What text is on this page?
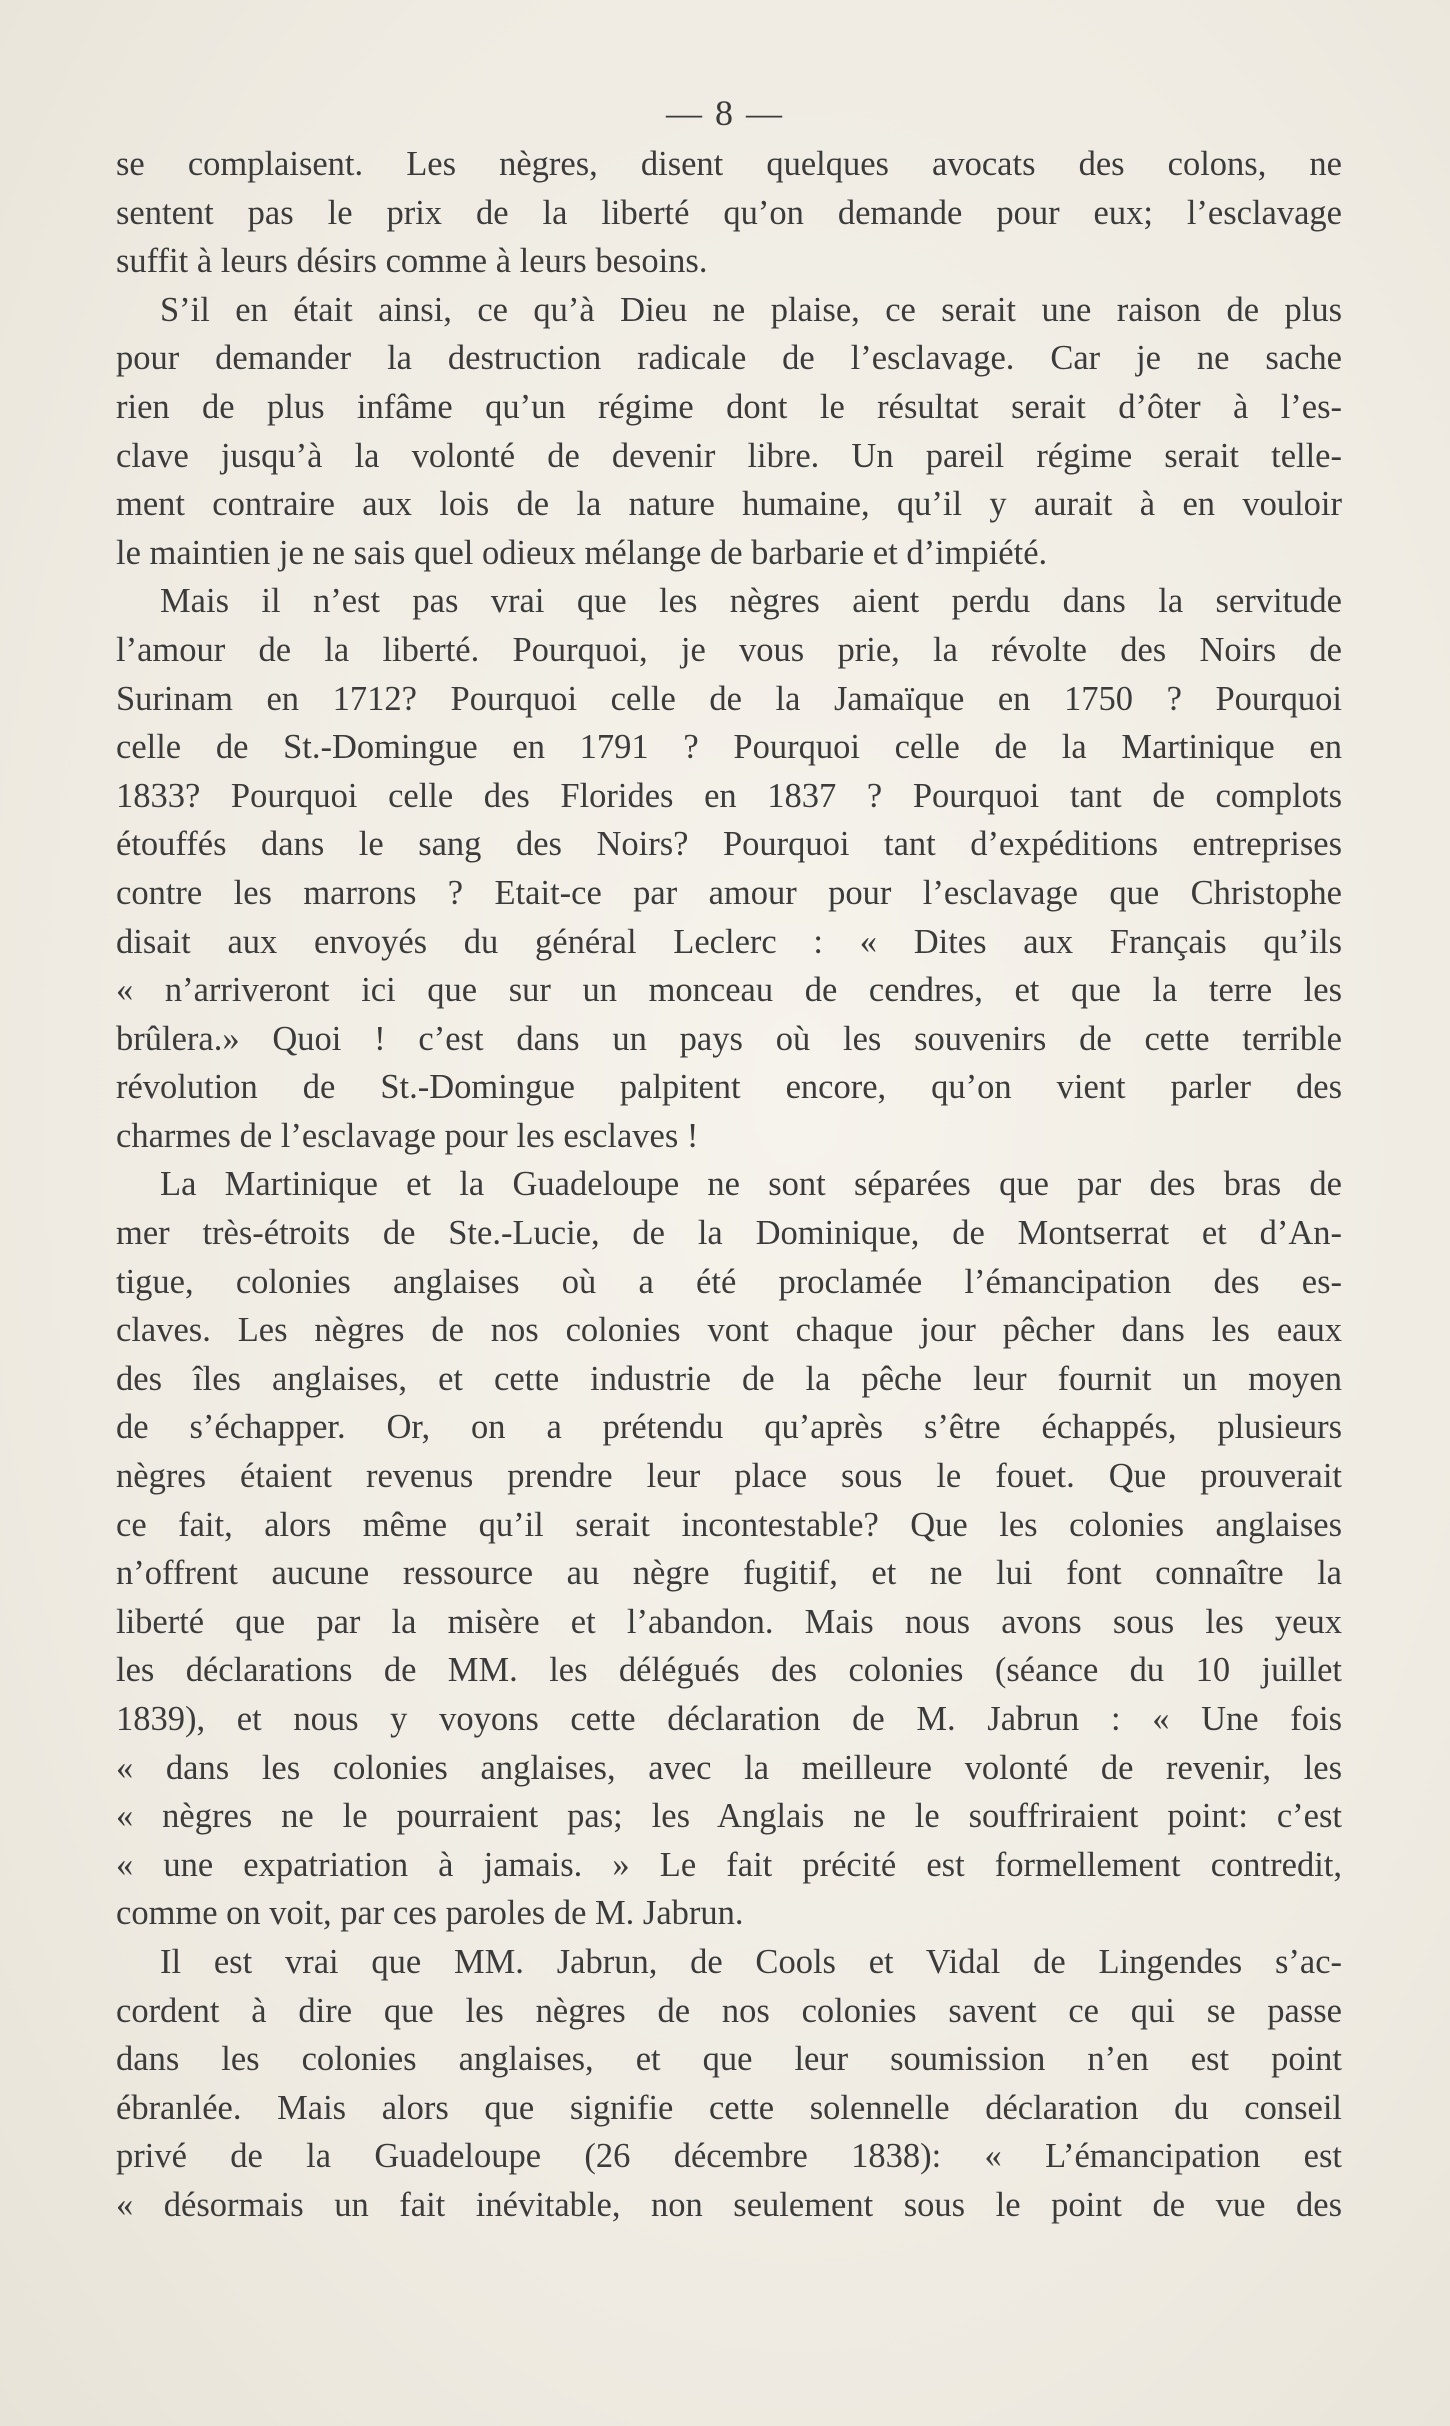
— 8 —
se complaisent. Les nègres, disent quelques avocats des colons, ne
sentent pas le prix de la liberté qu’on demande pour eux; l’esclavage
suffit à leurs désirs comme à leurs besoins.
S’il en était ainsi, ce qu’à Dieu ne plaise, ce serait une raison de plus
pour demander la destruction radicale de l’esclavage. Car je ne sache
rien de plus infâme qu’un régime dont le résultat serait d’ôter à l’es-
clave jusqu’à la volonté de devenir libre. Un pareil régime serait telle-
ment contraire aux lois de la nature humaine, qu’il y aurait à en vouloir
le maintien je ne sais quel odieux mélange de barbarie et d’impiété.
Mais il n’est pas vrai que les nègres aient perdu dans la servitude
l’amour de la liberté. Pourquoi, je vous prie, la révolte des Noirs de
Surinam en 1712? Pourquoi celle de la Jamaïque en 1750 ? Pourquoi
celle de St.-Domingue en 1791 ? Pourquoi celle de la Martinique en
1833? Pourquoi celle des Florides en 1837 ? Pourquoi tant de complots
étouffés dans le sang des Noirs? Pourquoi tant d’expéditions entreprises
contre les marrons ? Etait-ce par amour pour l’esclavage que Christophe
disait aux envoyés du général Leclerc : « Dites aux Français qu’ils
« n’arriveront ici que sur un monceau de cendres, et que la terre les
brûlera.» Quoi ! c’est dans un pays où les souvenirs de cette terrible
révolution de St.-Domingue palpitent encore, qu’on vient parler des
charmes de l’esclavage pour les esclaves !
La Martinique et la Guadeloupe ne sont séparées que par des bras de
mer très-étroits de Ste.-Lucie, de la Dominique, de Montserrat et d’An-
tigue, colonies anglaises où a été proclamée l’émancipation des es-
claves. Les nègres de nos colonies vont chaque jour pêcher dans les eaux
des îles anglaises, et cette industrie de la pêche leur fournit un moyen
de s’échapper. Or, on a prétendu qu’après s’être échappés, plusieurs
nègres étaient revenus prendre leur place sous le fouet. Que prouverait
ce fait, alors même qu’il serait incontestable? Que les colonies anglaises
n’offrent aucune ressource au nègre fugitif, et ne lui font connaître la
liberté que par la misère et l’abandon. Mais nous avons sous les yeux
les déclarations de MM. les délégués des colonies (séance du 10 juillet
1839), et nous y voyons cette déclaration de M. Jabrun : « Une fois
« dans les colonies anglaises, avec la meilleure volonté de revenir, les
« nègres ne le pourraient pas; les Anglais ne le souffriraient point: c’est
« une expatriation à jamais. » Le fait précité est formellement contredit,
comme on voit, par ces paroles de M. Jabrun.
Il est vrai que MM. Jabrun, de Cools et Vidal de Lingendes s’ac-
cordent à dire que les nègres de nos colonies savent ce qui se passe
dans les colonies anglaises, et que leur soumission n’en est point
ébranlée. Mais alors que signifie cette solennelle déclaration du conseil
privé de la Guadeloupe (26 décembre 1838): « L’émancipation est
« désormais un fait inévitable, non seulement sous le point de vue des
